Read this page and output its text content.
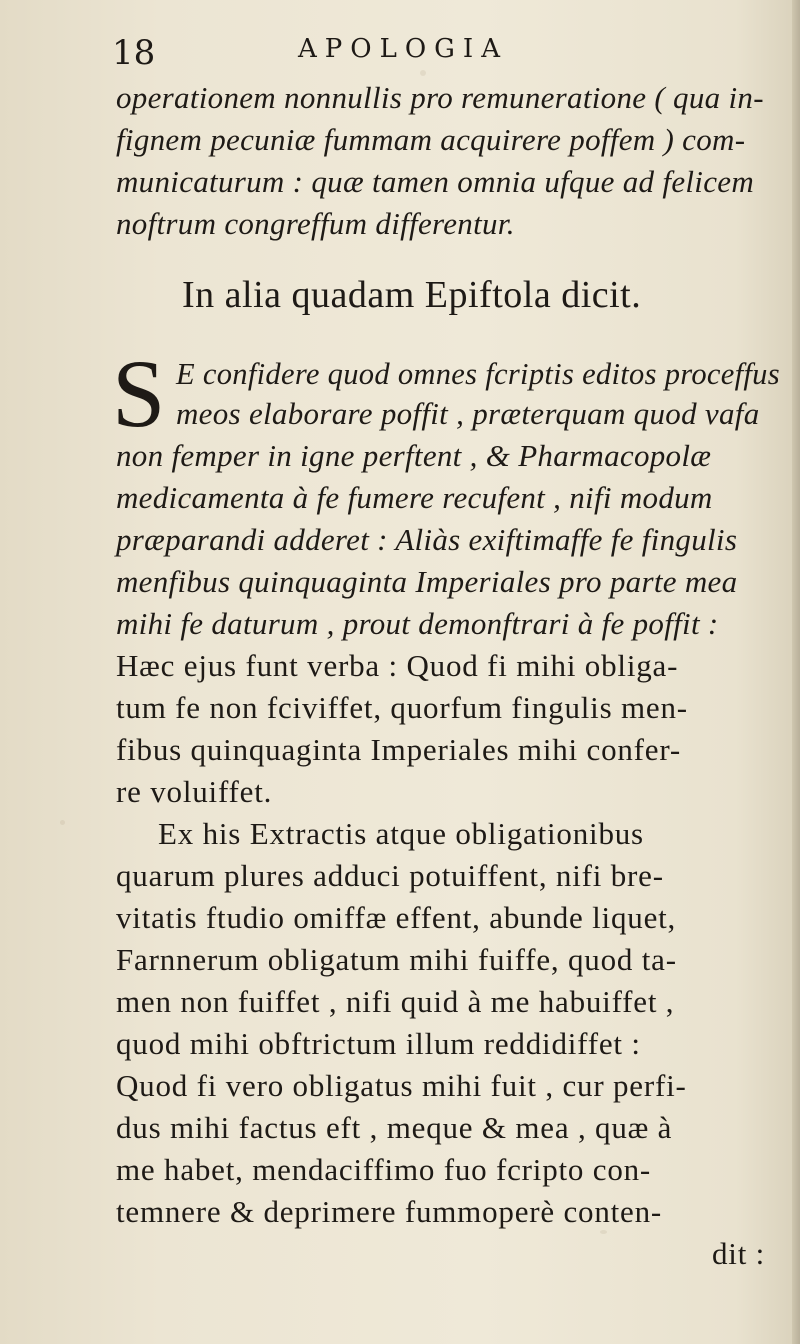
18	APOLOGIA
operationem nonnullis pro remuneratione ( qua in-
fignem pecuniæ fummam acquirere poffem ) com-
municaturum : quæ tamen omnia ufque ad felicem
noftrum congreffum differentur.
In alia quadam Epiftola dicit.
S E confidere quod omnes fcriptis editos proceffus
meos elaborare poffit , præterquam quod vafa
non femper in igne perftent , & Pharmacopolæ
medicamenta à fe fumere recufent , nifi modum
præparandi adderet : Aliàs exiftimaffe fe fingulis
menfibus quinquaginta Imperiales pro parte mea
mihi fe daturum , prout demonftrari à fe poffit :
Hæc ejus funt verba : Quod fi mihi obliga-
tum fe non fciviffet, quorfum fingulis men-
fibus quinquaginta Imperiales mihi confer-
re voluiffet.
Ex his Extractis atque obligationibus
quarum plures adduci potuiffent, nifi bre-
vitatis ftudio omiffæ effent, abunde liquet,
Farnnerum obligatum mihi fuiffe, quod ta-
men non fuiffet , nifi quid à me habuiffet ,
quod mihi obftrictum illum reddidiffet :
Quod fi vero obligatus mihi fuit , cur perfi-
dus mihi factus eft , meque & mea , quæ à
me habet, mendaciffimo fuo fcripto con-
temnere & deprimere fummoperè conten-
dit :
